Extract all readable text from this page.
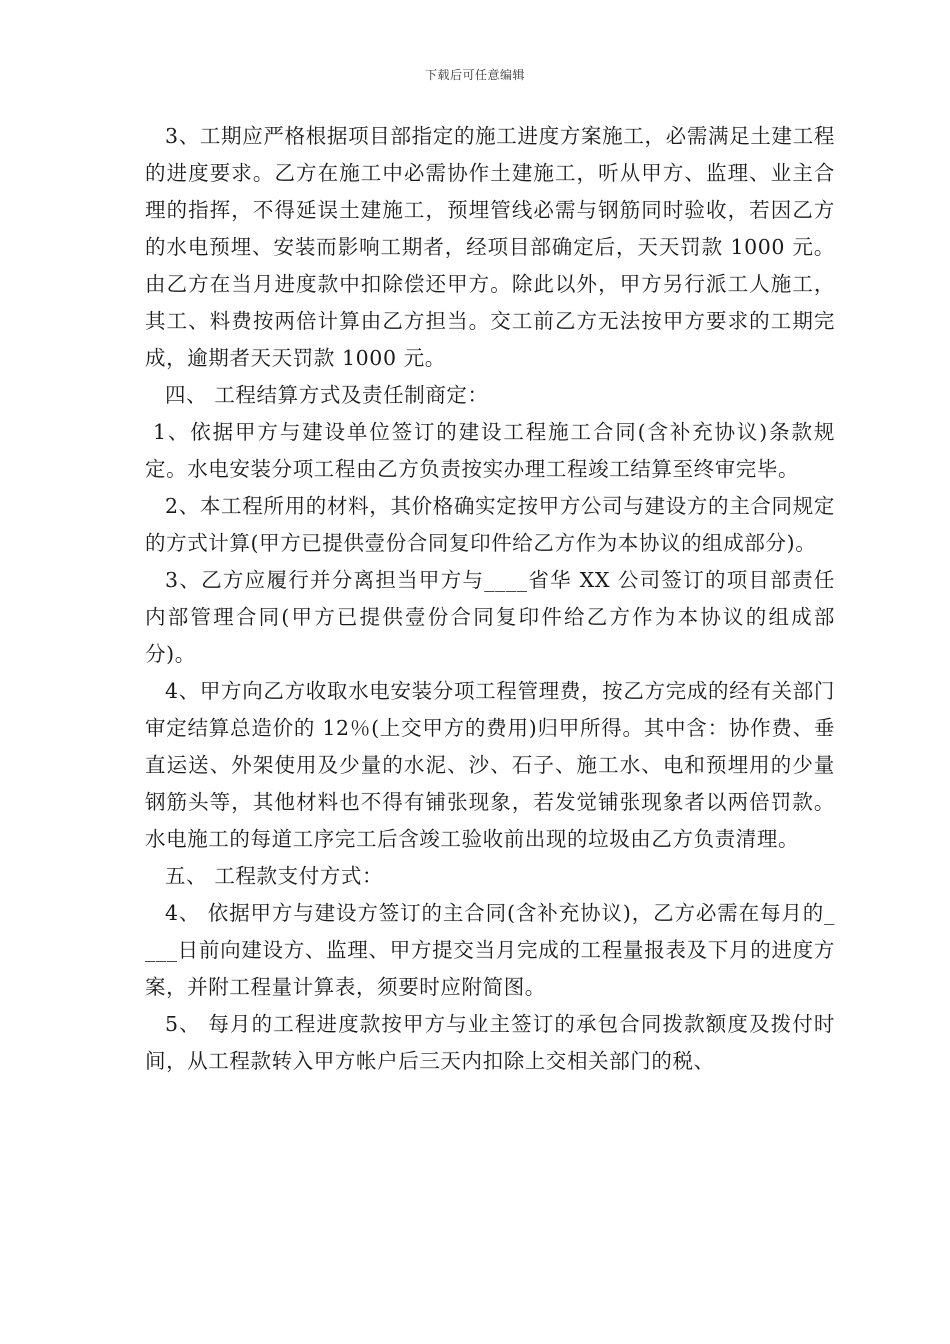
下载后可任意编辑

3、工期应严格根据项目部指定的施工进度方案施工，必需满足土建工程的进度要求。乙方在施工中必需协作土建施工，听从甲方、监理、业主合理的指挥，不得延误土建施工，预埋管线必需与钢筋同时验收，若因乙方的水电预埋、安装而影响工期者，经项目部确定后，天天罚款 1000 元。由乙方在当月进度款中扣除偿还甲方。除此以外，甲方另行派工人施工，其工、料费按两倍计算由乙方担当。交工前乙方无法按甲方要求的工期完成，逾期者天天罚款 1000 元。

四、 工程结算方式及责任制商定：

1、依据甲方与建设单位签订的建设工程施工合同(含补充协议)条款规定。水电安装分项工程由乙方负责按实办理工程竣工结算至终审完毕。

2、本工程所用的材料，其价格确实定按甲方公司与建设方的主合同规定的方式计算(甲方已提供壹份合同复印件给乙方作为本协议的组成部分)。

3、乙方应履行并分离担当甲方与____省华 XX 公司签订的项目部责任内部管理合同(甲方已提供壹份合同复印件给乙方作为本协议的组成部分)。

4、甲方向乙方收取水电安装分项工程管理费，按乙方完成的经有关部门审定结算总造价的 12％(上交甲方的费用)归甲所得。其中含：协作费、垂直运送、外架使用及少量的水泥、沙、石子、施工水、电和预埋用的少量钢筋头等，其他材料也不得有铺张现象，若发觉铺张现象者以两倍罚款。水电施工的每道工序完工后含竣工验收前出现的垃圾由乙方负责清理。

五、 工程款支付方式：

4、 依据甲方与建设方签订的主合同(含补充协议)，乙方必需在每月的____日前向建设方、监理、甲方提交当月完成的工程量报表及下月的进度方案，并附工程量计算表，须要时应附简图。

5、 每月的工程进度款按甲方与业主签订的承包合同拨款额度及拨付时间，从工程款转入甲方帐户后三天内扣除上交相关部门的税、
